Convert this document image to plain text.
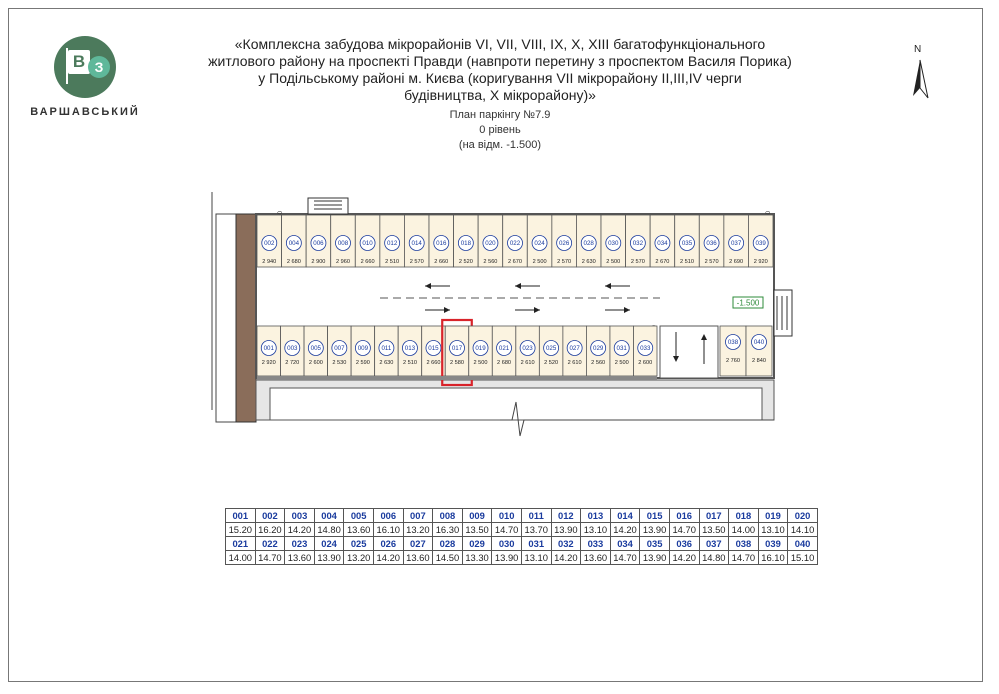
В З
ВАРШАВСЬКИЙ
«Комплексна забудова мікрорайонів VI, VII, VIII, IX, X, XIII багатофункціонального
житлового району на проспекті Правди (навпроти перетину з проспектом Василя Порика)
у Подільському районі м. Києва (коригування VII мікрорайону II,III,IV черги
будівництва, Х мікрорайону)»
План паркінгу №7.9
0 рівень
(на відм. -1.500)
N
-1.500
002
2 940
004
2 680
006
2 900
008
2 960
010
2 660
012
2 510
014
2 570
016
2 660
018
2 520
020
2 560
022
2 670
024
2 500
026
2 570
028
2 630
030
2 500
032
2 570
034
2 670
035
2 510
036
2 570
037
2 690
039
2 920
001
2 920
003
2 720
005
2 600
007
2 530
009
2 590
011
2 630
013
2 510
015
2 660
017
2 580
019
2 500
021
2 680
023
2 610
025
2 520
027
2 610
029
2 560
031
2 500
033
2 600
038
2 760
040
2 840
001	002	003	004	005	006	007	008	009	010	011	012	013	014	015	016	017	018	019	020
15.20	16.20	14.20	14.80	13.60	16.10	13.20	16.30	13.50	14.70	13.70	13.90	13.10	14.20	13.90	14.70	13.50	14.00	13.10	14.10
021	022	023	024	025	026	027	028	029	030	031	032	033	034	035	036	037	038	039	040
14.00	14.70	13.60	13.90	13.20	14.20	13.60	14.50	13.30	13.90	13.10	14.20	13.60	14.70	13.90	14.20	14.80	14.70	16.10	15.10
